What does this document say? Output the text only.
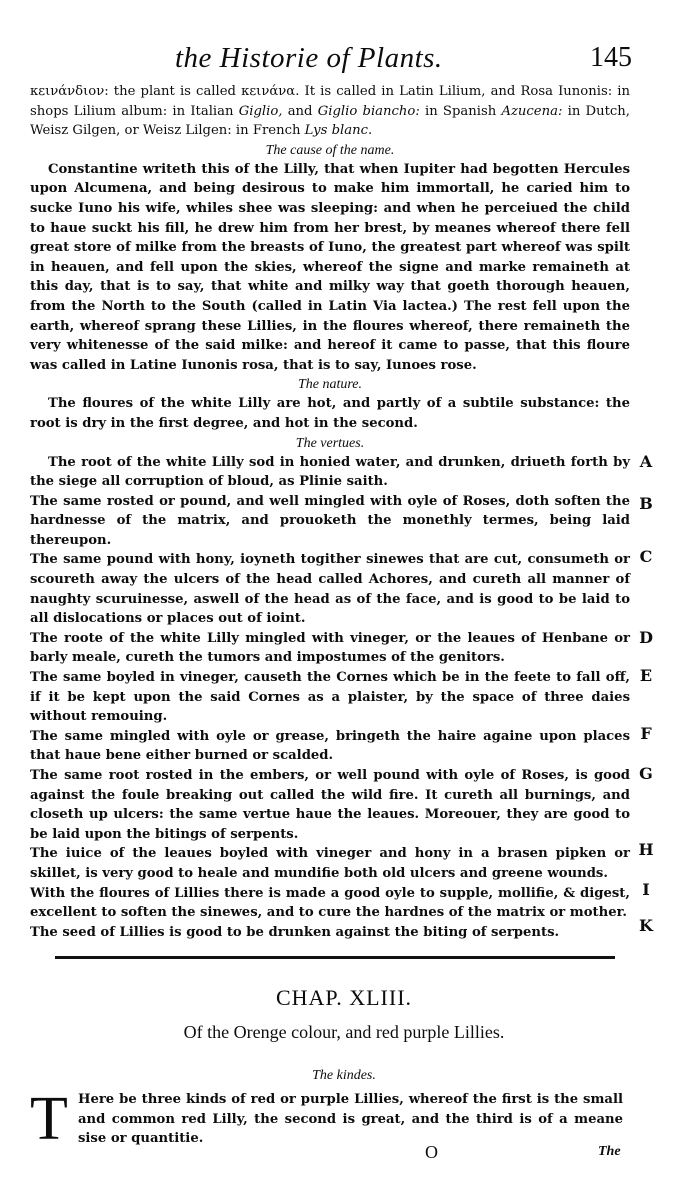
the Historie of Plants.	145

κεινάνδιον: the plant is called κεινάνα. It is called in Latin Lilium, and Rosa Iunonis: in shops Lilium album: in Italian Giglio, and Giglio biancho: in Spanish Azucena: in Dutch, Weisz Gilgen, or Weisz Lilgen: in French Lys blanc.

The cause of the name.

Constantine writeth this of the Lilly, that when Iupiter had begotten Hercules upon Alcumena, and being desirous to make him immortall, he caried him to sucke Iuno his wife, whiles shee was sleeping: and when he perceiued the child to haue suckt his fill, he drew him from her brest, by meanes whereof there fell great store of milke from the breasts of Iuno, the greatest part whereof was spilt in heauen, and fell upon the skies, whereof the signe and marke remaineth at this day, that is to say, that white and milky way that goeth thorough heauen, from the North to the South (called in Latin Via lactea.) The rest fell upon the earth, whereof sprang these Lillies, in the floures whereof, there remaineth the very whitenesse of the said milke: and hereof it came to passe, that this floure was called in Latine Iunonis rosa, that is to say, Iunoes rose.

The nature.

The floures of the white Lilly are hot, and partly of a subtile substance: the root is dry in the first degree, and hot in the second.

The vertues.

The root of the white Lilly sod in honied water, and drunken, driueth forth by the siege all corruption of bloud, as Plinie saith.

The same rosted or pound, and well mingled with oyle of Roses, doth soften the hardnesse of the matrix, and prouoketh the monethly termes, being laid thereupon.

The same pound with hony, ioyneth togither sinewes that are cut, consumeth or scoureth away the ulcers of the head called Achores, and cureth all manner of naughty scuruinesse, aswell of the head as of the face, and is good to be laid to all dislocations or places out of ioint.

The roote of the white Lilly mingled with vineger, or the leaues of Henbane or barly meale, cureth the tumors and impostumes of the genitors.

The same boyled in vineger, causeth the Cornes which be in the feete to fall off, if it be kept upon the said Cornes as a plaister, by the space of three daies without remouing.

The same mingled with oyle or grease, bringeth the haire againe upon places that haue bene either burned or scalded.

The same root rosted in the embers, or well pound with oyle of Roses, is good against the foule breaking out called the wild fire. It cureth all burnings, and closeth up ulcers: the same vertue haue the leaues. Moreouer, they are good to be laid upon the bitings of serpents.

The iuice of the leaues boyled with vineger and hony in a brasen pipken or skillet, is very good to heale and mundifie both old ulcers and greene wounds.

With the floures of Lillies there is made a good oyle to supple, mollifie, & digest, excellent to soften the sinewes, and to cure the hardnes of the matrix or mother.

The seed of Lillies is good to be drunken against the biting of serpents.

A
B
C
D
E
F
G
H
I
K
CHAP. XLIII.
Of the Orenge colour, and red purple Lillies.
The kindes.
T Here be three kinds of red or purple Lillies, whereof the first is the small and common red Lilly, the second is great, and the third is of a meane sise or quantitie.

O	The
